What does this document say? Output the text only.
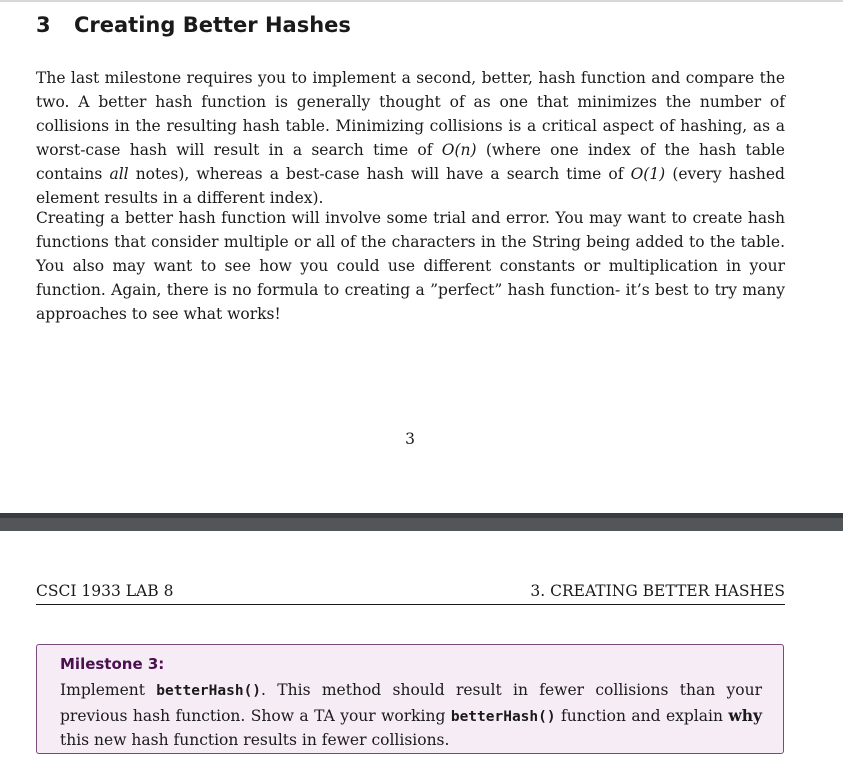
3 Creating Better Hashes
The last milestone requires you to implement a second, better, hash function and compare the two. A better hash function is generally thought of as one that minimizes the number of collisions in the resulting hash table. Minimizing collisions is a critical aspect of hashing, as a worst-case hash will result in a search time of O(n) (where one index of the hash table contains all notes), whereas a best-case hash will have a search time of O(1) (every hashed element results in a different index).
Creating a better hash function will involve some trial and error. You may want to create hash functions that consider multiple or all of the characters in the String being added to the table. You also may want to see how you could use different constants or multiplication in your function. Again, there is no formula to creating a ”perfect” hash function- it’s best to try many approaches to see what works!
3
CSCI 1933 LAB 8	3. CREATING BETTER HASHES
Milestone 3:
Implement betterHash(). This method should result in fewer collisions than your previous hash function. Show a TA your working betterHash() function and explain why this new hash function results in fewer collisions.
